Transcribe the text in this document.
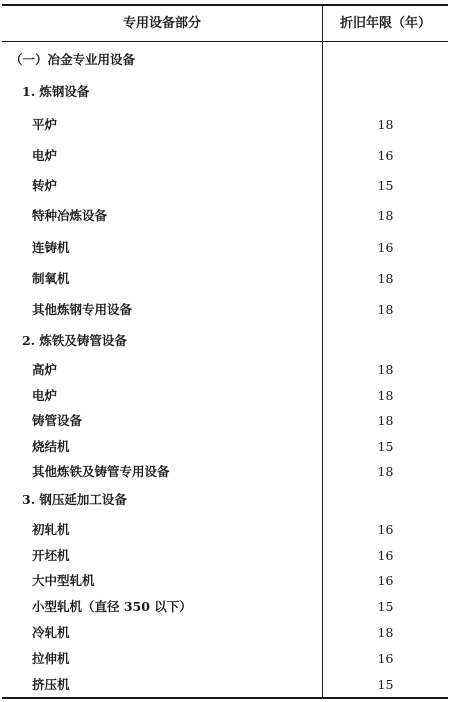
专用设备部分	折旧年限（年）
（一）冶金专业用设备
1. 炼钢设备
平炉	18
电炉	16
转炉	15
特种冶炼设备	18
连铸机	16
制氧机	18
其他炼钢专用设备	18
2. 炼铁及铸管设备
高炉	18
电炉	18
铸管设备	18
烧结机	15
其他炼铁及铸管专用设备	18
3. 钢压延加工设备
初轧机	16
开坯机	16
大中型轧机	16
小型轧机（直径 350 以下）	15
冷轧机	18
拉伸机	16
挤压机	15
